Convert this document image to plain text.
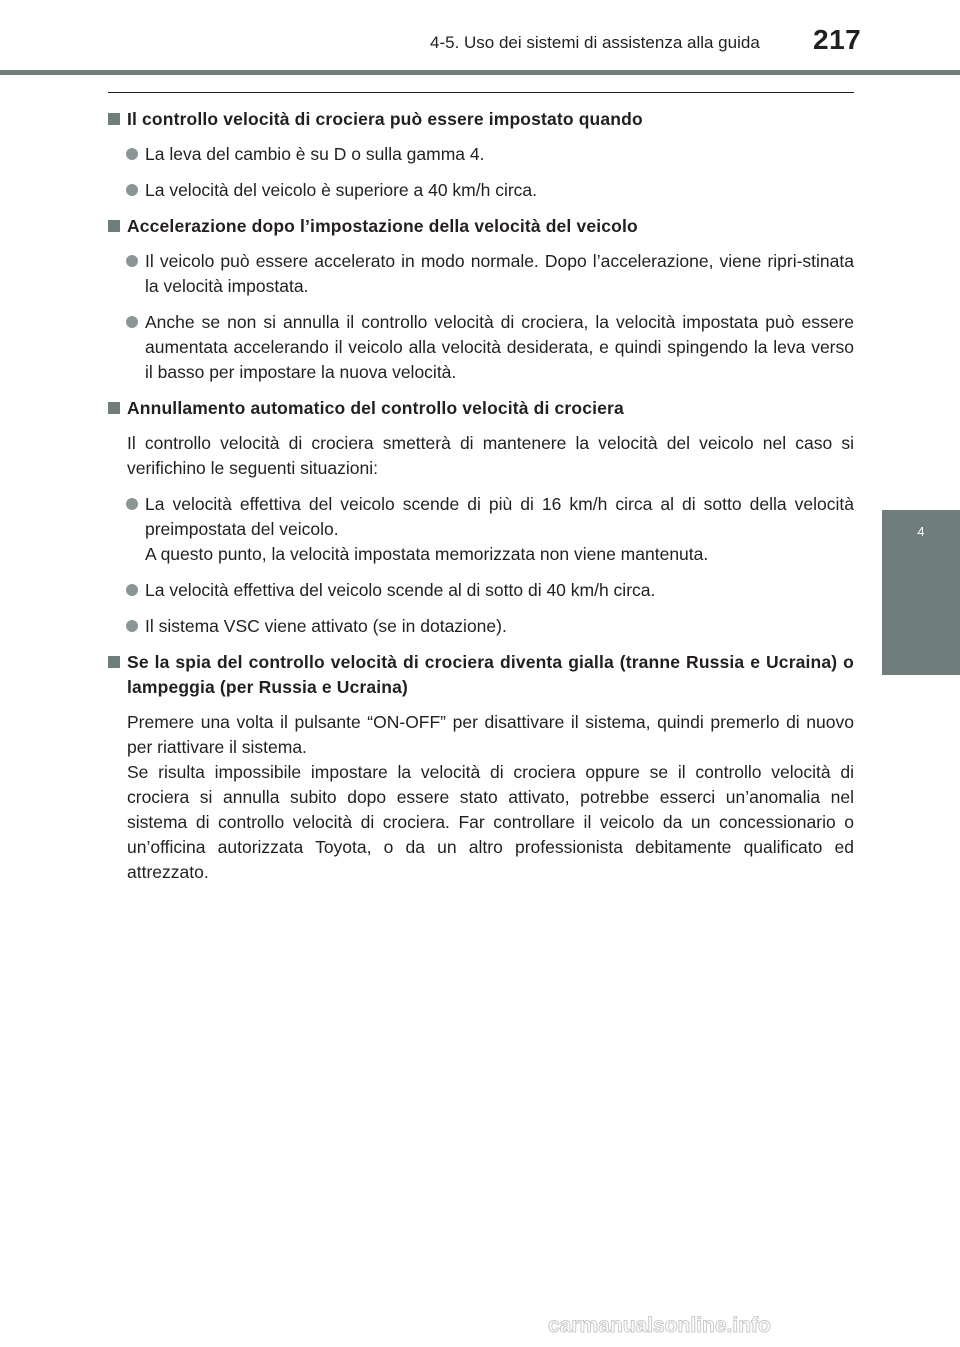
4-5. Uso dei sistemi di assistenza alla guida	217
4
Guida
Il controllo velocità di crociera può essere impostato quando
La leva del cambio è su D o sulla gamma 4.
La velocità del veicolo è superiore a 40 km/h circa.
Accelerazione dopo l’impostazione della velocità del veicolo
Il veicolo può essere accelerato in modo normale. Dopo l’accelerazione, viene ripri-stinata la velocità impostata.
Anche se non si annulla il controllo velocità di crociera, la velocità impostata può essere aumentata accelerando il veicolo alla velocità desiderata, e quindi spingendo la leva verso il basso per impostare la nuova velocità.
Annullamento automatico del controllo velocità di crociera
Il controllo velocità di crociera smetterà di mantenere la velocità del veicolo nel caso si verifichino le seguenti situazioni:
La velocità effettiva del veicolo scende di più di 16 km/h circa al di sotto della velocità preimpostata del veicolo.
A questo punto, la velocità impostata memorizzata non viene mantenuta.
La velocità effettiva del veicolo scende al di sotto di 40 km/h circa.
Il sistema VSC viene attivato (se in dotazione).
Se la spia del controllo velocità di crociera diventa gialla (tranne Russia e Ucraina) o lampeggia (per Russia e Ucraina)
Premere una volta il pulsante “ON-OFF” per disattivare il sistema, quindi premerlo di nuovo per riattivare il sistema.
Se risulta impossibile impostare la velocità di crociera oppure se il controllo velocità di crociera si annulla subito dopo essere stato attivato, potrebbe esserci un’anomalia nel sistema di controllo velocità di crociera. Far controllare il veicolo da un concessionario o un’officina autorizzata Toyota, o da un altro professionista debitamente qualificato ed attrezzato.
carmanualsonline.info
